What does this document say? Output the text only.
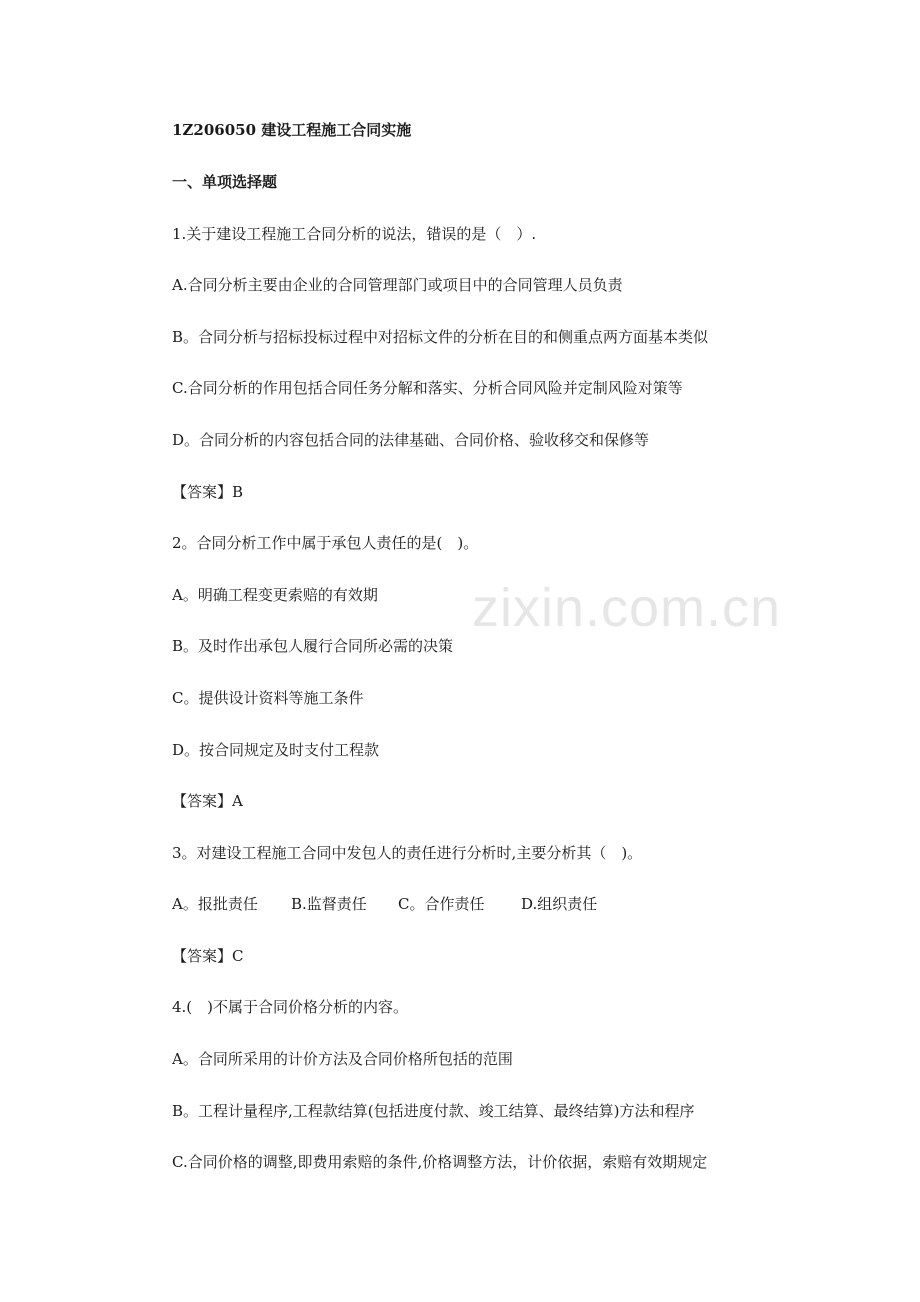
zixin.com.cn
1Z206050 建设工程施工合同实施
一、单项选择题
1.关于建设工程施工合同分析的说法，错误的是（　）.
A.合同分析主要由企业的合同管理部门或项目中的合同管理人员负责
B。合同分析与招标投标过程中对招标文件的分析在目的和侧重点两方面基本类似
C.合同分析的作用包括合同任务分解和落实、分析合同风险并定制风险对策等
D。合同分析的内容包括合同的法律基础、合同价格、验收移交和保修等
【答案】B
2。合同分析工作中属于承包人责任的是(　)。
A。明确工程变更索赔的有效期
B。及时作出承包人履行合同所必需的决策
C。提供设计资料等施工条件
D。按合同规定及时支付工程款
【答案】A
3。对建设工程施工合同中发包人的责任进行分析时,主要分析其（　)。

A。报批责任

B.监督责任

C。合作责任

D.组织责任

【答案】C
4.(　)不属于合同价格分析的内容。
A。合同所采用的计价方法及合同价格所包括的范围
B。工程计量程序,工程款结算(包括进度付款、竣工结算、最终结算)方法和程序
C.合同价格的调整,即费用索赔的条件,价格调整方法，计价依据，索赔有效期规定
